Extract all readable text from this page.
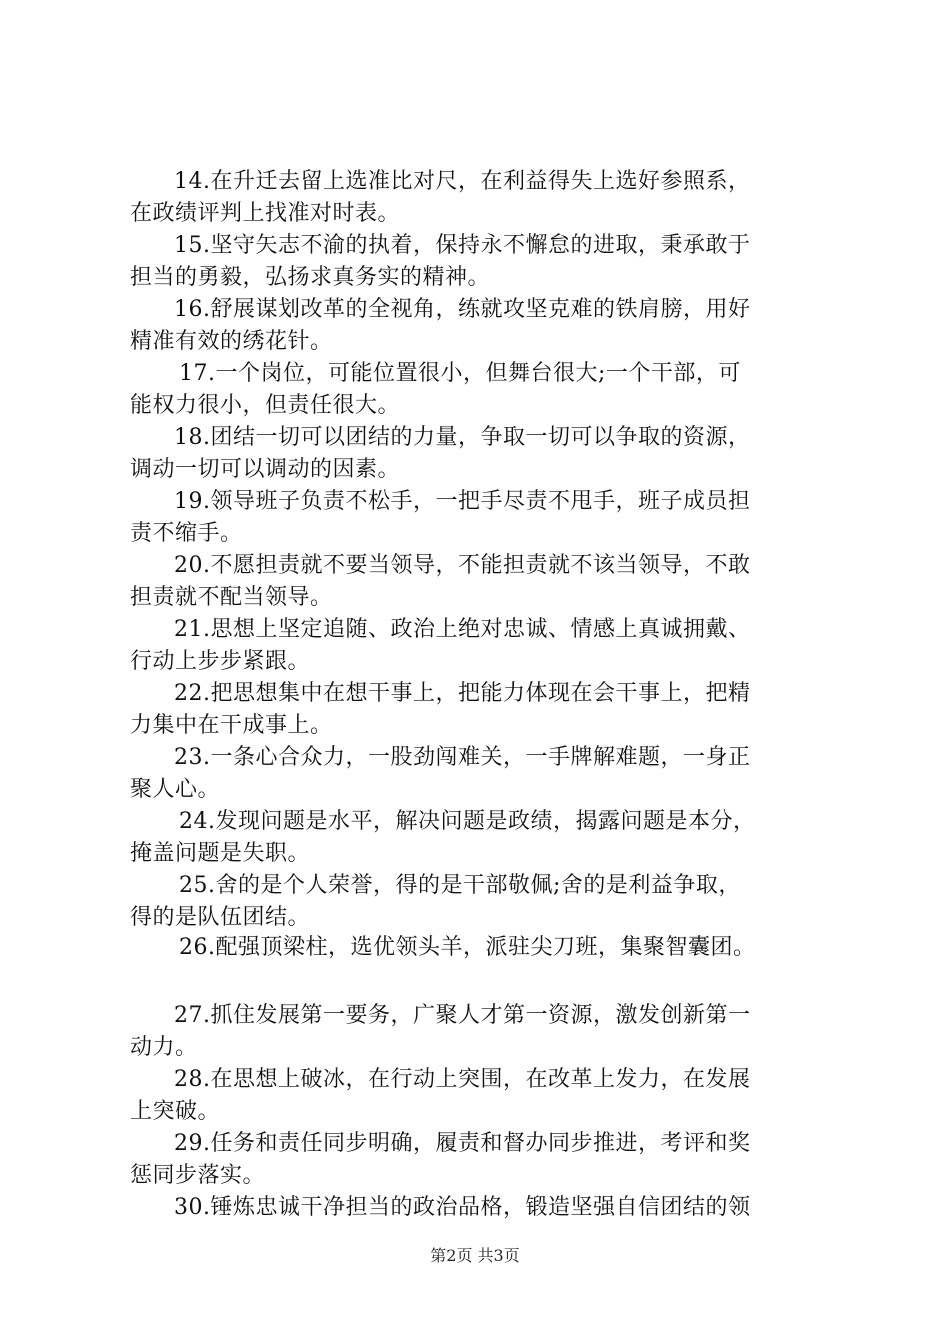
14.在升迁去留上选准比对尺，在利益得失上选好参照系，
在政绩评判上找准对时表。
15.坚守矢志不渝的执着，保持永不懈怠的进取，秉承敢于
担当的勇毅，弘扬求真务实的精神。
16.舒展谋划改革的全视角，练就攻坚克难的铁肩膀，用好
精准有效的绣花针。
17.一个岗位，可能位置很小，但舞台很大;一个干部，可
能权力很小，但责任很大。
18.团结一切可以团结的力量，争取一切可以争取的资源，
调动一切可以调动的因素。
19.领导班子负责不松手，一把手尽责不甩手，班子成员担
责不缩手。
20.不愿担责就不要当领导，不能担责就不该当领导，不敢
担责就不配当领导。
21.思想上坚定追随、政治上绝对忠诚、情感上真诚拥戴、
行动上步步紧跟。
22.把思想集中在想干事上，把能力体现在会干事上，把精
力集中在干成事上。
23.一条心合众力，一股劲闯难关，一手牌解难题，一身正
聚人心。
24.发现问题是水平，解决问题是政绩，揭露问题是本分，
掩盖问题是失职。
25.舍的是个人荣誉，得的是干部敬佩;舍的是利益争取，
得的是队伍团结。
26.配强顶梁柱，选优领头羊，派驻尖刀班，集聚智囊团。
27.抓住发展第一要务，广聚人才第一资源，激发创新第一
动力。
28.在思想上破冰，在行动上突围，在改革上发力，在发展
上突破。
29.任务和责任同步明确，履责和督办同步推进，考评和奖
惩同步落实。
30.锤炼忠诚干净担当的政治品格，锻造坚强自信团结的领
第2页 共3页
